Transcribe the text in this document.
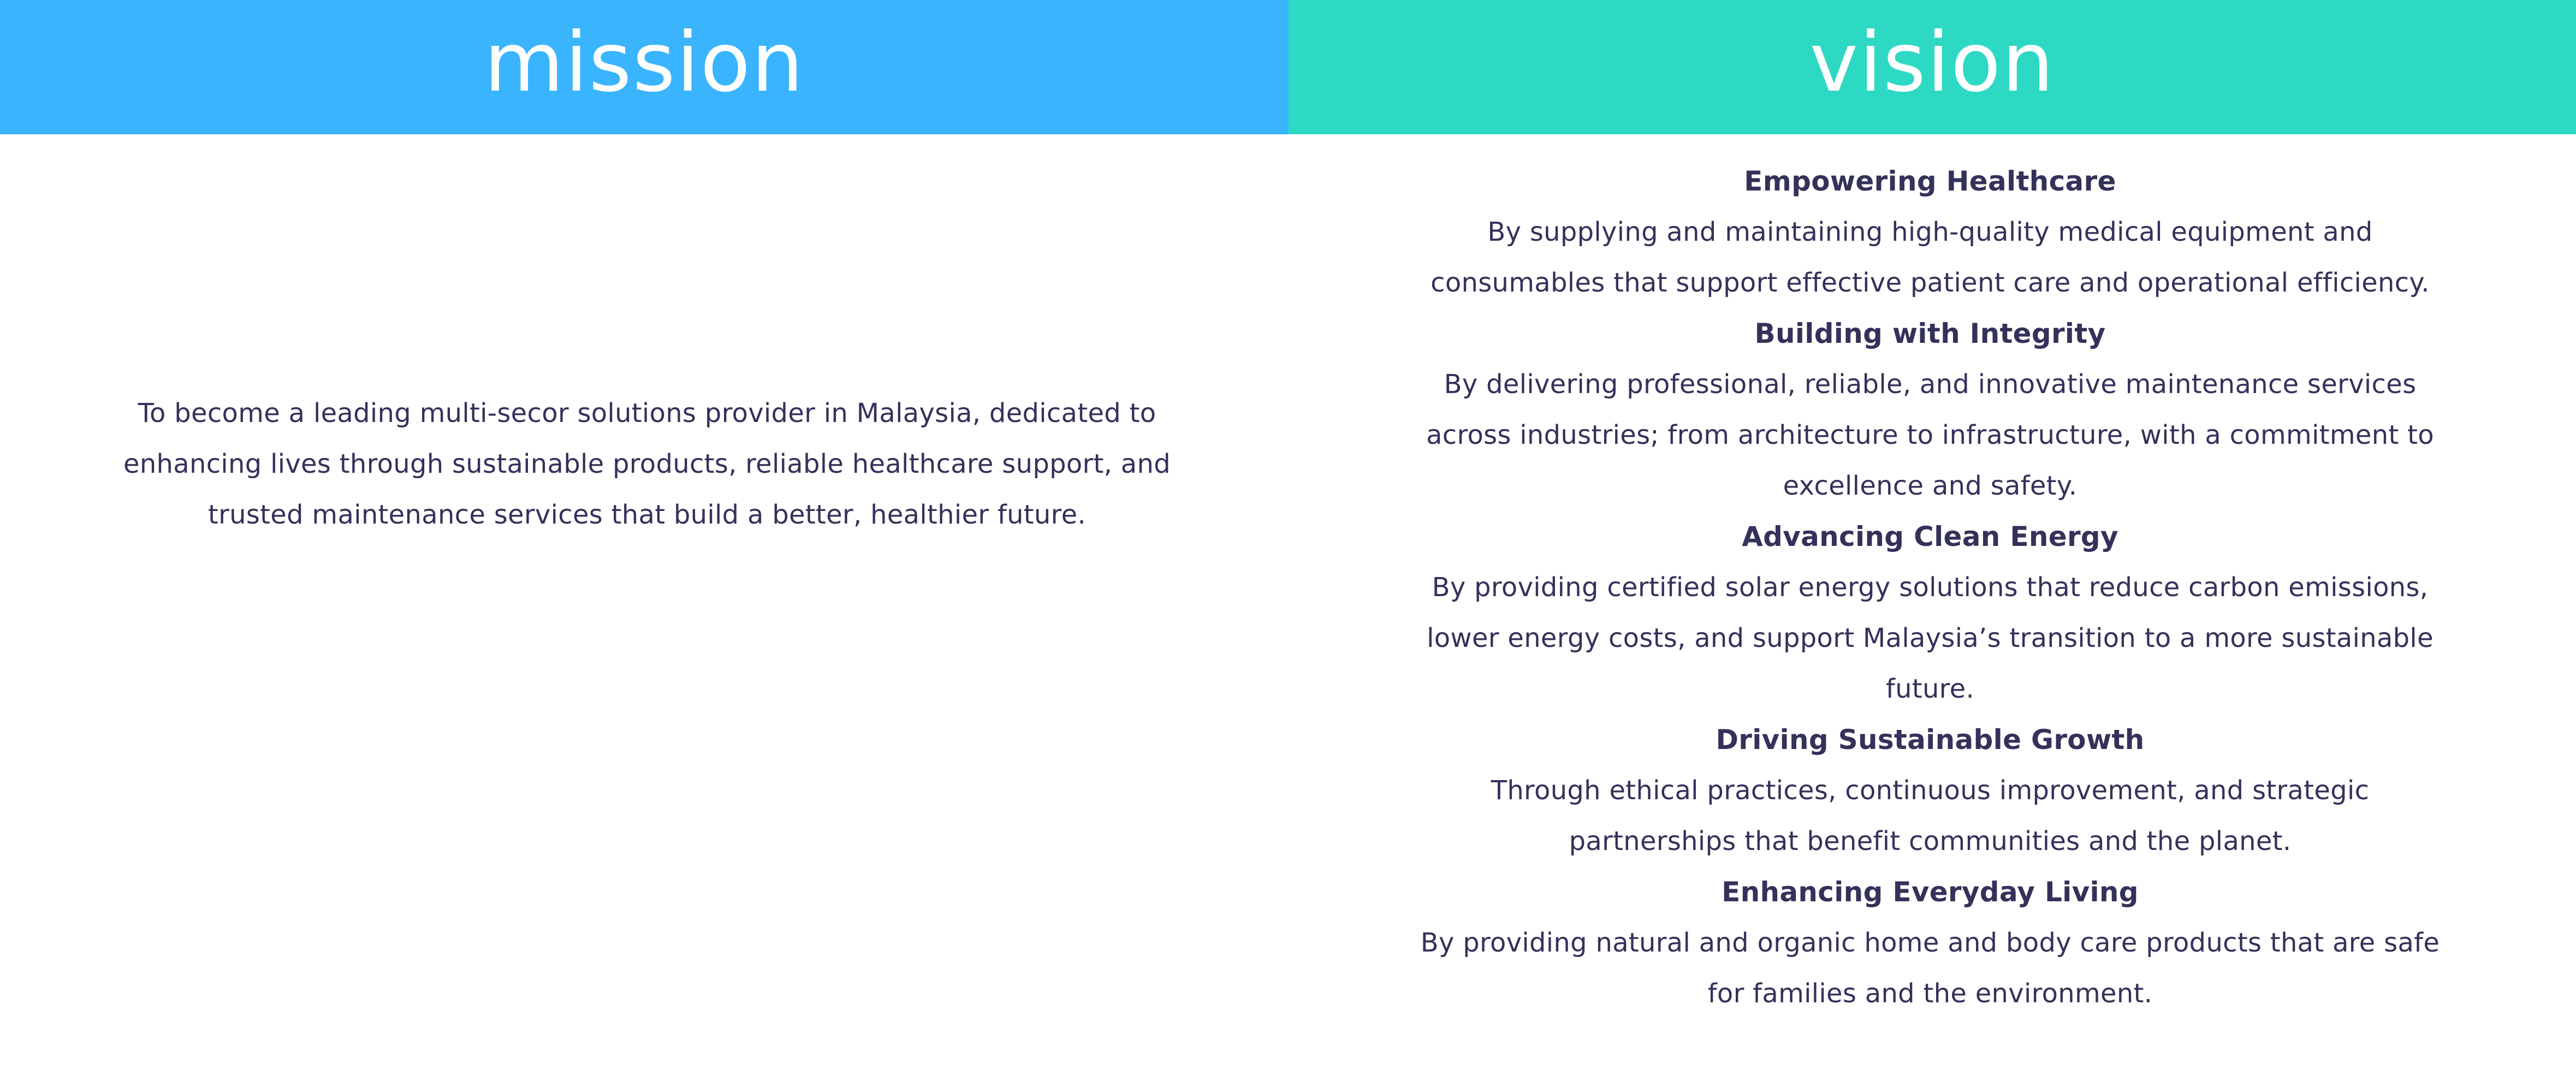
mission	vision

To become a leading multi-secor solutions provider in Malaysia, dedicated to enhancing lives through sustainable products, reliable healthcare support, and trusted maintenance services that build a better, healthier future.

Empowering Healthcare

By supplying and maintaining high-quality medical equipment and consumables that support effective patient care and operational efficiency.

Building with Integrity

By delivering professional, reliable, and innovative maintenance services across industries; from architecture to infrastructure, with a commitment to excellence and safety.

Advancing Clean Energy

By providing certified solar energy solutions that reduce carbon emissions, lower energy costs, and support Malaysia’s transition to a more sustainable future.

Driving Sustainable Growth

Through ethical practices, continuous improvement, and strategic partnerships that benefit communities and the planet.

Enhancing Everyday Living

By providing natural and organic home and body care products that are safe for families and the environment.
